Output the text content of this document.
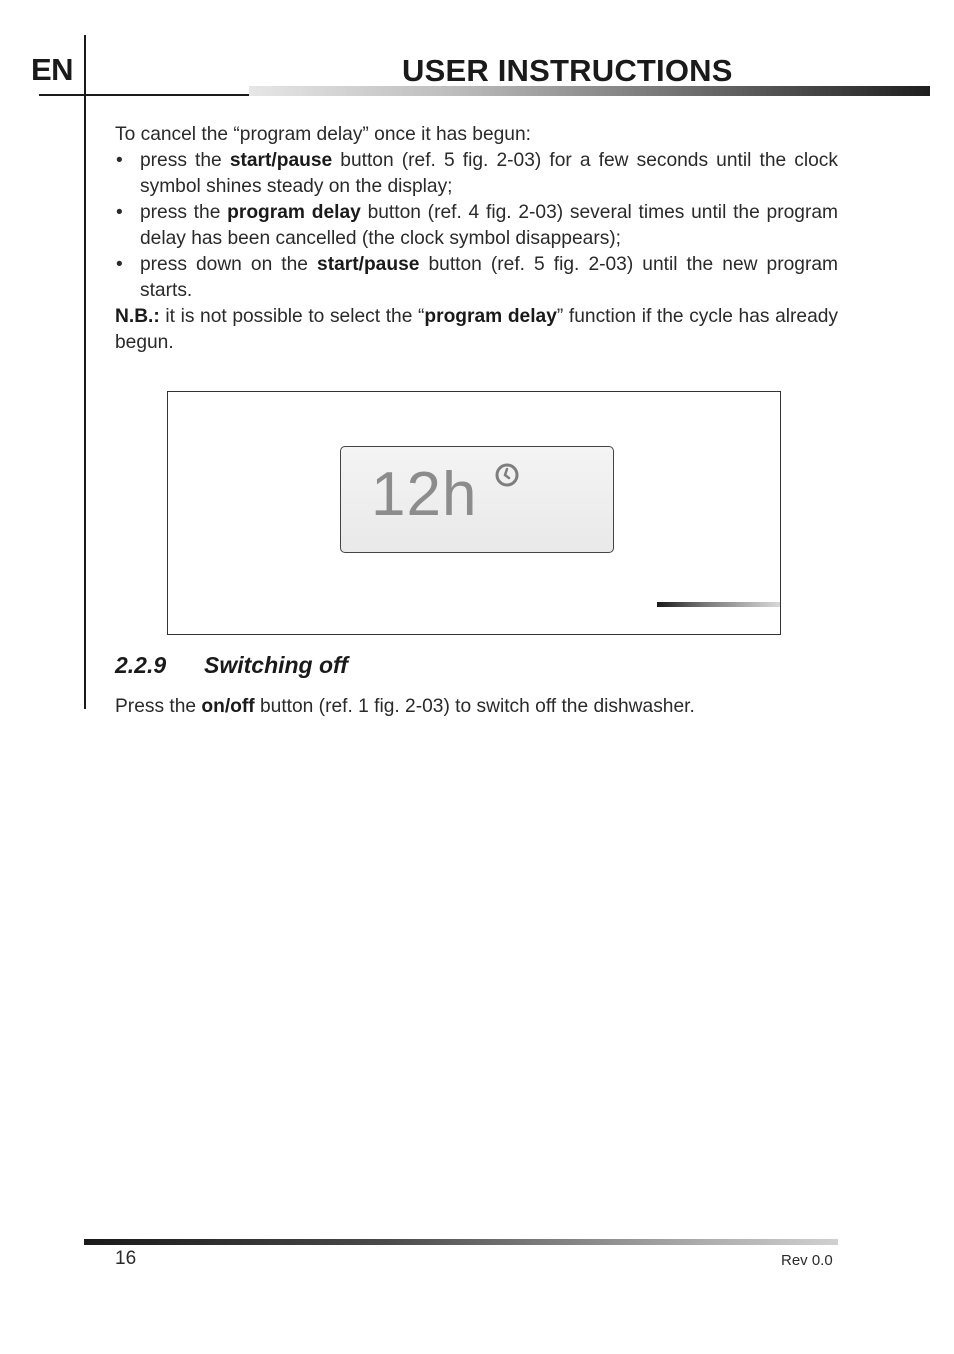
EN	USER INSTRUCTIONS
To cancel the “program delay” once it has begun:
• press the start/pause button (ref. 5 fig. 2-03) for a few seconds until the clock symbol shines steady on the display;
• press the program delay button (ref. 4 fig. 2-03) several times until the program delay has been cancelled (the clock symbol disappears);
• press down on the start/pause button (ref. 5 fig. 2-03) until the new program starts.
N.B.: it is not possible to select the “program delay” function if the cycle has already begun.
12h
2.2.9 Switching off
Press the on/off button (ref. 1 fig. 2-03) to switch off the dishwasher.
16	Rev 0.0
